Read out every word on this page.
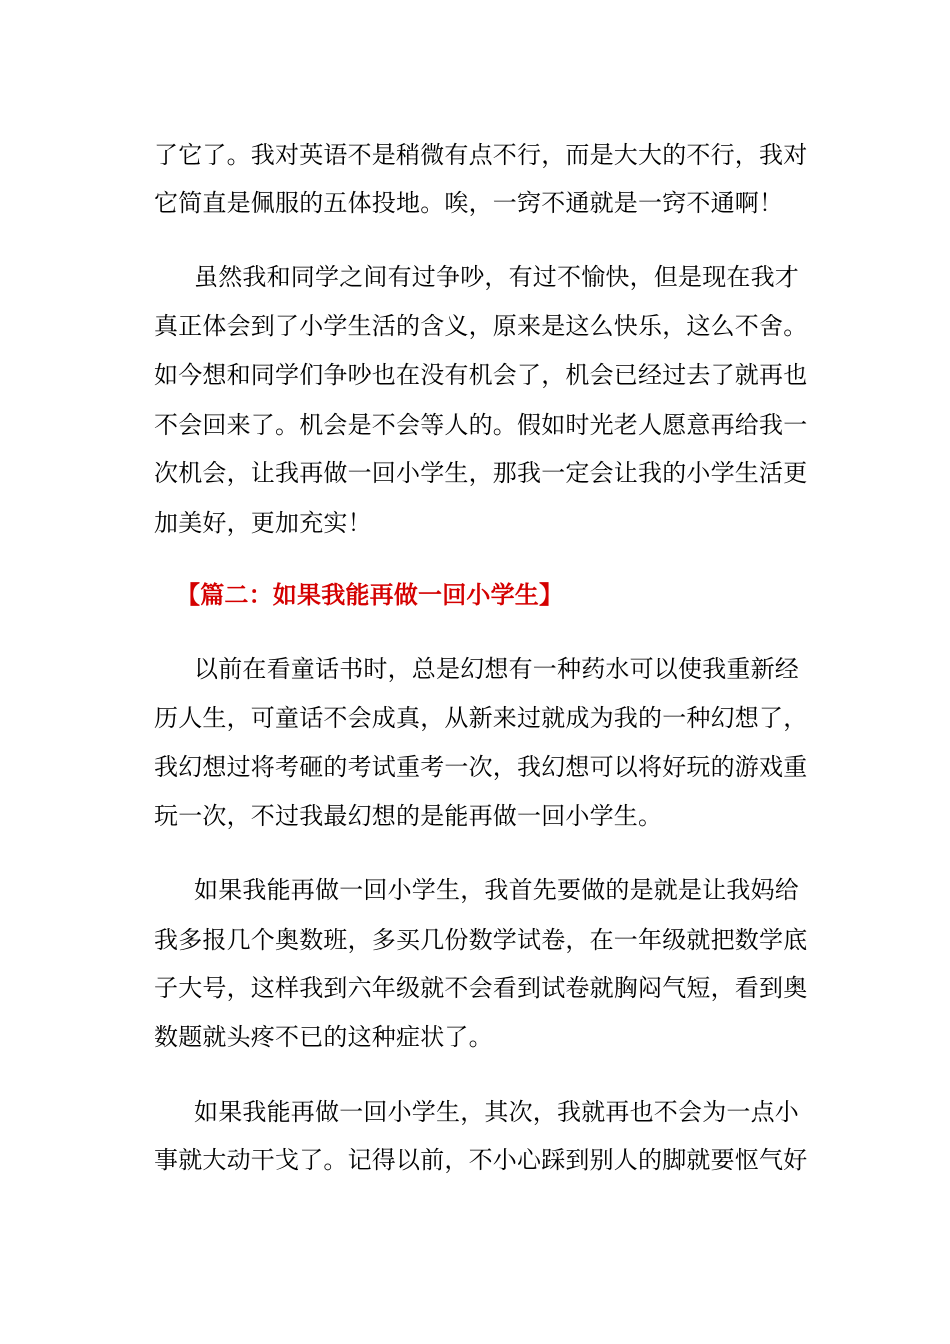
了它了。我对英语不是稍微有点不行，而是大大的不行，我对
它简直是佩服的五体投地。唉，一窍不通就是一窍不通啊！
虽然我和同学之间有过争吵，有过不愉快，但是现在我才
真正体会到了小学生活的含义，原来是这么快乐，这么不舍。
如今想和同学们争吵也在没有机会了，机会已经过去了就再也
不会回来了。机会是不会等人的。假如时光老人愿意再给我一
次机会，让我再做一回小学生，那我一定会让我的小学生活更
加美好，更加充实！
【篇二：如果我能再做一回小学生】
以前在看童话书时，总是幻想有一种药水可以使我重新经
历人生，可童话不会成真，从新来过就成为我的一种幻想了，
我幻想过将考砸的考试重考一次，我幻想可以将好玩的游戏重
玩一次，不过我最幻想的是能再做一回小学生。
如果我能再做一回小学生，我首先要做的是就是让我妈给
我多报几个奥数班，多买几份数学试卷，在一年级就把数学底
子大号，这样我到六年级就不会看到试卷就胸闷气短，看到奥
数题就头疼不已的这种症状了。
如果我能再做一回小学生，其次，我就再也不会为一点小
事就大动干戈了。记得以前，不小心踩到别人的脚就要怄气好
